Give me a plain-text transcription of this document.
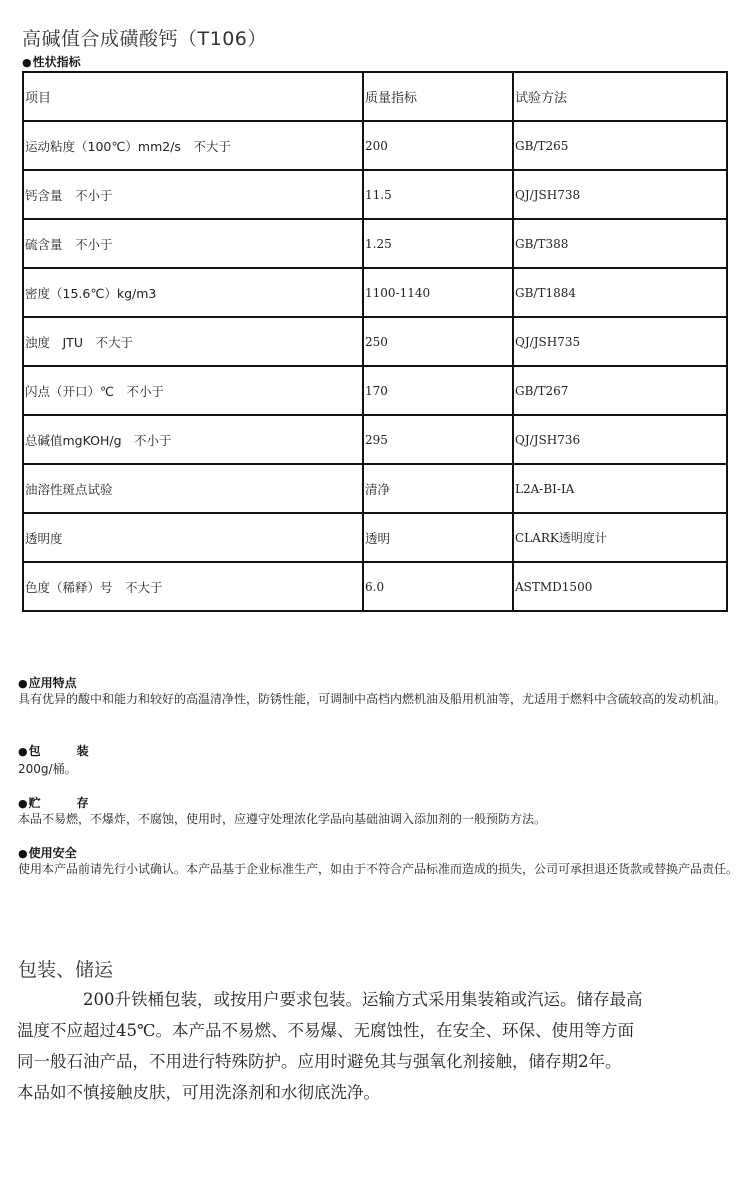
高碱值合成磺酸钙（T106）
●性状指标
项目	质量指标	试验方法
运动粘度（100℃）mm2/s　不大于	200	GB/T265
钙含量　不小于	11.5	QJ/JSH738
硫含量　不小于	1.25	GB/T388
密度（15.6℃）kg/m3	1100-1140	GB/T1884
浊度　JTU　不大于	250	QJ/JSH735
闪点（开口）℃　不小于	170	GB/T267
总碱值mgKOH/g　不小于	295	QJ/JSH736
油溶性斑点试验	清净	L2A-BI-IA
透明度	透明	CLARK透明度计
色度（稀释）号　不大于	6.0	ASTMD1500
●应用特点
具有优异的酸中和能力和较好的高温清净性，防锈性能，可调制中高档内燃机油及船用机油等，尤适用于燃料中含硫较高的发动机油。
●包　　　装
200g/桶。
●贮　　　存
本品不易燃，不爆炸，不腐蚀，使用时，应遵守处理浓化学品向基础油调入添加剂的一般预防方法。
●使用安全
使用本产品前请先行小试确认。本产品基于企业标准生产，如由于不符合产品标准而造成的损失，公司可承担退还货款或替换产品责任。
包装、储运

200升铁桶包装，或按用户要求包装。运输方式采用集装箱或汽运。储存最高

温度不应超过45℃。本产品不易燃、不易爆、无腐蚀性，在安全、环保、使用等方面

同一般石油产品，不用进行特殊防护。应用时避免其与强氧化剂接触，储存期2年。

本品如不慎接触皮肤，可用洗涤剂和水彻底洗净。
